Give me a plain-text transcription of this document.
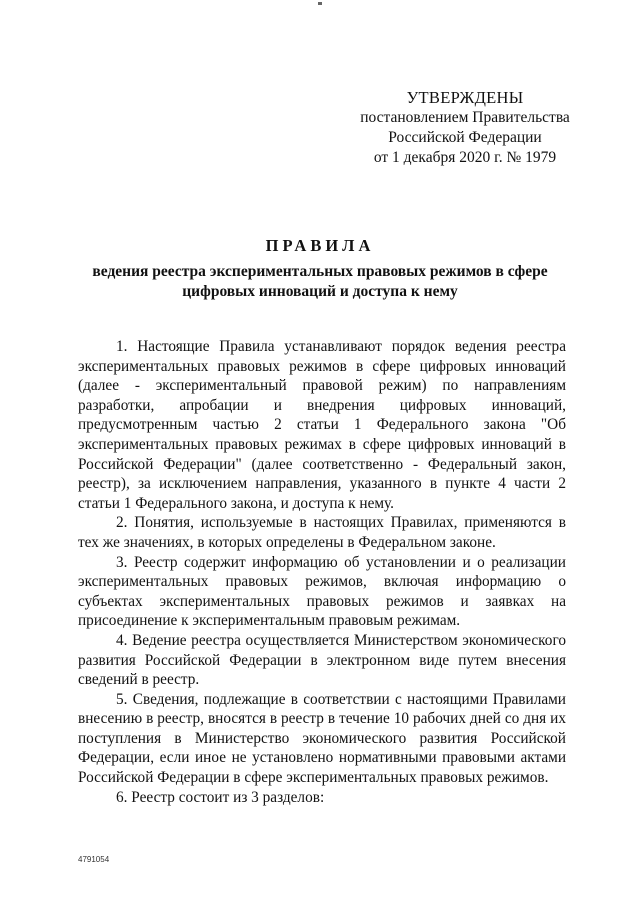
УТВЕРЖДЕНЫ
постановлением Правительства
Российской Федерации
от 1 декабря 2020 г. № 1979
ПРАВИЛА
ведения реестра экспериментальных правовых режимов в сфере цифровых инноваций и доступа к нему

1. Настоящие Правила устанавливают порядок ведения реестра экспериментальных правовых режимов в сфере цифровых инноваций (далее - экспериментальный правовой режим) по направлениям разработки, апробации и внедрения цифровых инноваций, предусмотренным частью 2 статьи 1 Федерального закона "Об экспериментальных правовых режимах в сфере цифровых инноваций в Российской Федерации" (далее соответственно - Федеральный закон, реестр), за исключением направления, указанного в пункте 4 части 2 статьи 1 Федерального закона, и доступа к нему.

2. Понятия, используемые в настоящих Правилах, применяются в тех же значениях, в которых определены в Федеральном законе.

3. Реестр содержит информацию об установлении и о реализации экспериментальных правовых режимов, включая информацию о субъектах экспериментальных правовых режимов и заявках на присоединение к экспериментальным правовым режимам.

4. Ведение реестра осуществляется Министерством экономического развития Российской Федерации в электронном виде путем внесения сведений в реестр.

5. Сведения, подлежащие в соответствии с настоящими Правилами внесению в реестр, вносятся в реестр в течение 10 рабочих дней со дня их поступления в Министерство экономического развития Российской Федерации, если иное не установлено нормативными правовыми актами Российской Федерации в сфере экспериментальных правовых режимов.

6. Реестр состоит из 3 разделов:

4791054
